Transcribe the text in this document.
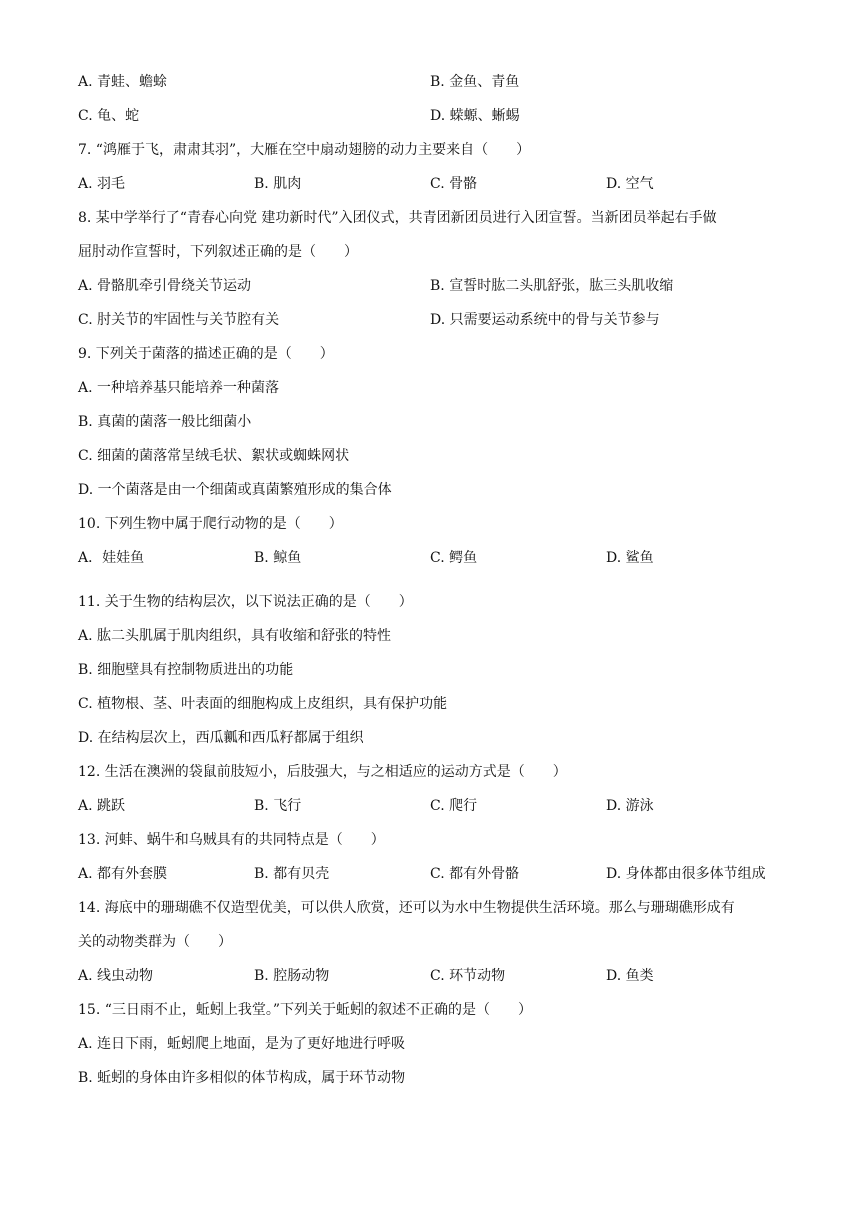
A. 青蛙、蟾蜍	B. 金鱼、青鱼
C. 龟、蛇	D. 蝾螈、蜥蜴
7. “鸿雁于飞，肃肃其羽”，大雁在空中扇动翅膀的动力主要来自（　　）
A. 羽毛	B. 肌肉	C. 骨骼	D. 空气
8. 某中学举行了“青春心向党 建功新时代”入团仪式，共青团新团员进行入团宣誓。当新团员举起右手做
屈肘动作宣誓时，下列叙述正确的是（　　）
A. 骨骼肌牵引骨绕关节运动	B. 宣誓时肱二头肌舒张，肱三头肌收缩
C. 肘关节的牢固性与关节腔有关	D. 只需要运动系统中的骨与关节参与
9. 下列关于菌落的描述正确的是（　　）
A. 一种培养基只能培养一种菌落
B. 真菌的菌落一般比细菌小
C. 细菌的菌落常呈绒毛状、絮状或蜘蛛网状
D. 一个菌落是由一个细菌或真菌繁殖形成的集合体
10. 下列生物中属于爬行动物的是（　　）
A．娃娃鱼	B. 鲸鱼	C. 鳄鱼	D. 鲨鱼
11. 关于生物的结构层次，以下说法正确的是（　　）
A. 肱二头肌属于肌肉组织，具有收缩和舒张的特性
B. 细胞壁具有控制物质进出的功能
C. 植物根、茎、叶表面的细胞构成上皮组织，具有保护功能
D. 在结构层次上，西瓜瓤和西瓜籽都属于组织
12. 生活在澳洲的袋鼠前肢短小，后肢强大，与之相适应的运动方式是（　　）
A. 跳跃	B. 飞行	C. 爬行	D. 游泳
13. 河蚌、蜗牛和乌贼具有的共同特点是（　　）
A. 都有外套膜	B. 都有贝壳	C. 都有外骨骼	D. 身体都由很多体节组成
14. 海底中的珊瑚礁不仅造型优美，可以供人欣赏，还可以为水中生物提供生活环境。那么与珊瑚礁形成有
关的动物类群为（　　）
A. 线虫动物	B. 腔肠动物	C. 环节动物	D. 鱼类
15. “三日雨不止，蚯蚓上我堂。”下列关于蚯蚓的叙述不正确的是（　　）
A. 连日下雨，蚯蚓爬上地面，是为了更好地进行呼吸
B. 蚯蚓的身体由许多相似的体节构成，属于环节动物
